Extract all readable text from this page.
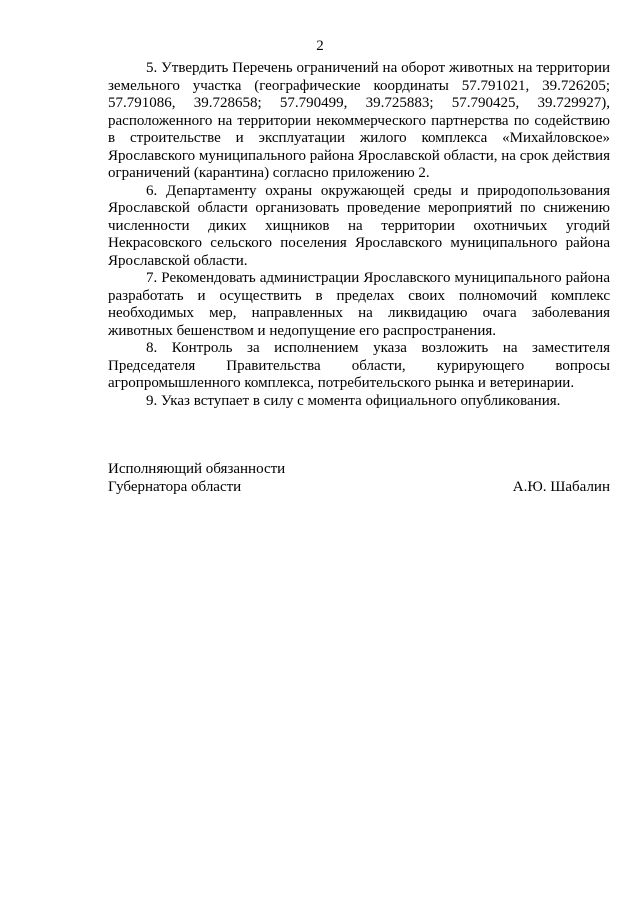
2

5. Утвердить Перечень ограничений на оборот животных на территории земельного участка (географические координаты 57.791021, 39.726205; 57.791086, 39.728658; 57.790499, 39.725883; 57.790425, 39.729927), расположенного на территории некоммерческого партнерства по содействию в строительстве и эксплуатации жилого комплекса «Михайловское» Ярославского муниципального района Ярославской области, на срок действия ограничений (карантина) согласно приложению 2.

6. Департаменту охраны окружающей среды и природопользования Ярославской области организовать проведение мероприятий по снижению численности диких хищников на территории охотничьих угодий Некрасовского сельского поселения Ярославского муниципального района Ярославской области.

7. Рекомендовать администрации Ярославского муниципального района разработать и осуществить в пределах своих полномочий комплекс необходимых мер, направленных на ликвидацию очага заболевания животных бешенством и недопущение его распространения.

8. Контроль за исполнением указа возложить на заместителя Председателя Правительства области, курирующего вопросы агропромышленного комплекса, потребительского рынка и ветеринарии.

9. Указ вступает в силу с момента официального опубликования.

Исполняющий обязанности
Губернатора области	А.Ю. Шабалин
